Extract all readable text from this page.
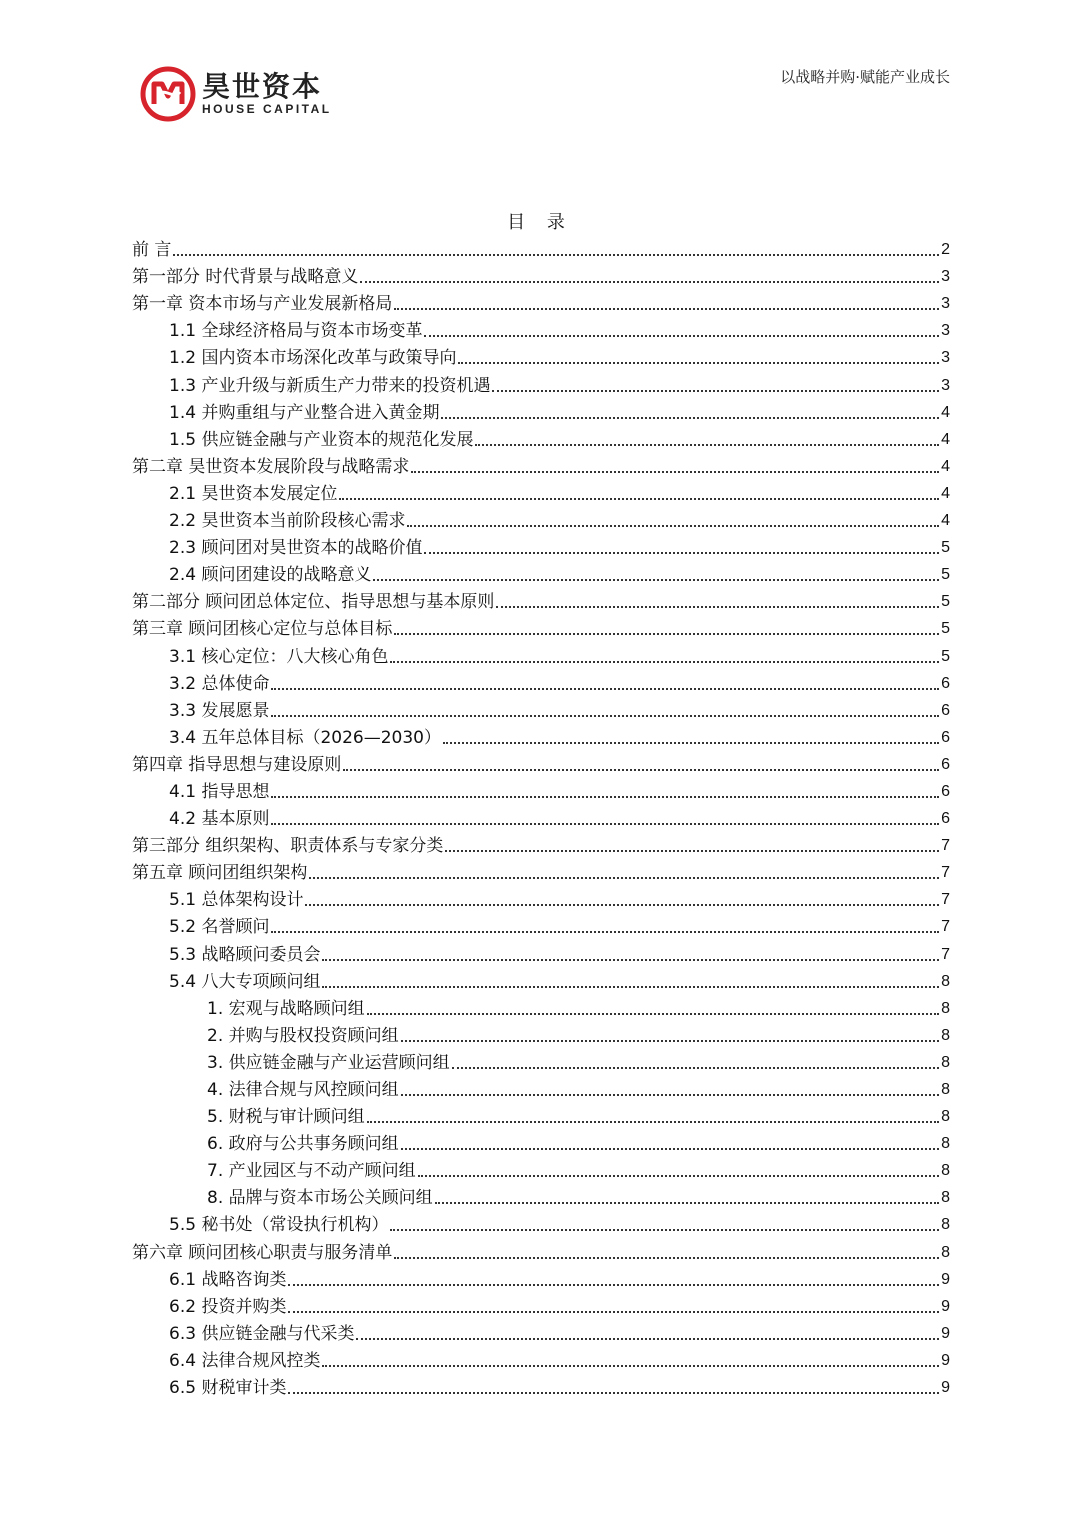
昊世资本
HOUSE CAPITAL
以战略并购·赋能产业成长
目 录
前 言	2
第一部分 时代背景与战略意义	3
第一章 资本市场与产业发展新格局	3
1.1 全球经济格局与资本市场变革	3
1.2 国内资本市场深化改革与政策导向	3
1.3 产业升级与新质生产力带来的投资机遇	3
1.4 并购重组与产业整合进入黄金期	4
1.5 供应链金融与产业资本的规范化发展	4
第二章 昊世资本发展阶段与战略需求	4
2.1 昊世资本发展定位	4
2.2 昊世资本当前阶段核心需求	4
2.3 顾问团对昊世资本的战略价值	5
2.4 顾问团建设的战略意义	5
第二部分 顾问团总体定位、指导思想与基本原则	5
第三章 顾问团核心定位与总体目标	5
3.1 核心定位：八大核心角色	5
3.2 总体使命	6
3.3 发展愿景	6
3.4 五年总体目标（2026—2030）	6
第四章 指导思想与建设原则	6
4.1 指导思想	6
4.2 基本原则	6
第三部分 组织架构、职责体系与专家分类	7
第五章 顾问团组织架构	7
5.1 总体架构设计	7
5.2 名誉顾问	7
5.3 战略顾问委员会	7
5.4 八大专项顾问组	8
1. 宏观与战略顾问组	8
2. 并购与股权投资顾问组	8
3. 供应链金融与产业运营顾问组	8
4. 法律合规与风控顾问组	8
5. 财税与审计顾问组	8
6. 政府与公共事务顾问组	8
7. 产业园区与不动产顾问组	8
8. 品牌与资本市场公关顾问组	8
5.5 秘书处（常设执行机构）	8
第六章 顾问团核心职责与服务清单	8
6.1 战略咨询类	9
6.2 投资并购类	9
6.3 供应链金融与代采类	9
6.4 法律合规风控类	9
6.5 财税审计类	9
